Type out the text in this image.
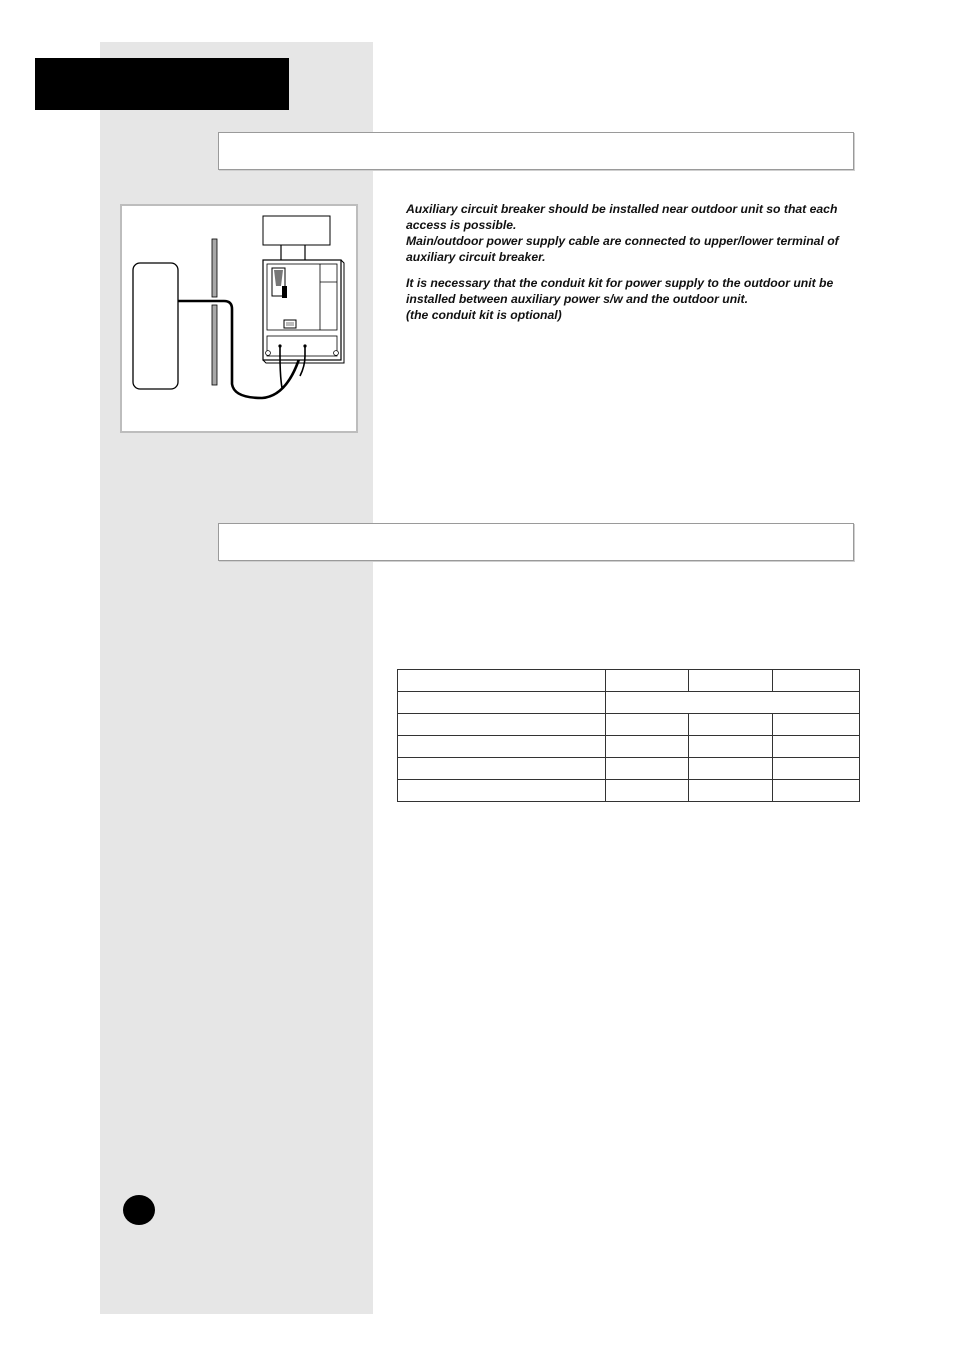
Auxiliary circuit breaker should be installed near outdoor unit so that each
access is possible.
Main/outdoor power supply cable are connected to upper/lower terminal of
auxiliary circuit breaker.

It is necessary that the conduit kit for power supply to the outdoor unit be
installed between auxiliary power s/w and the outdoor unit.
(the conduit kit is optional)
